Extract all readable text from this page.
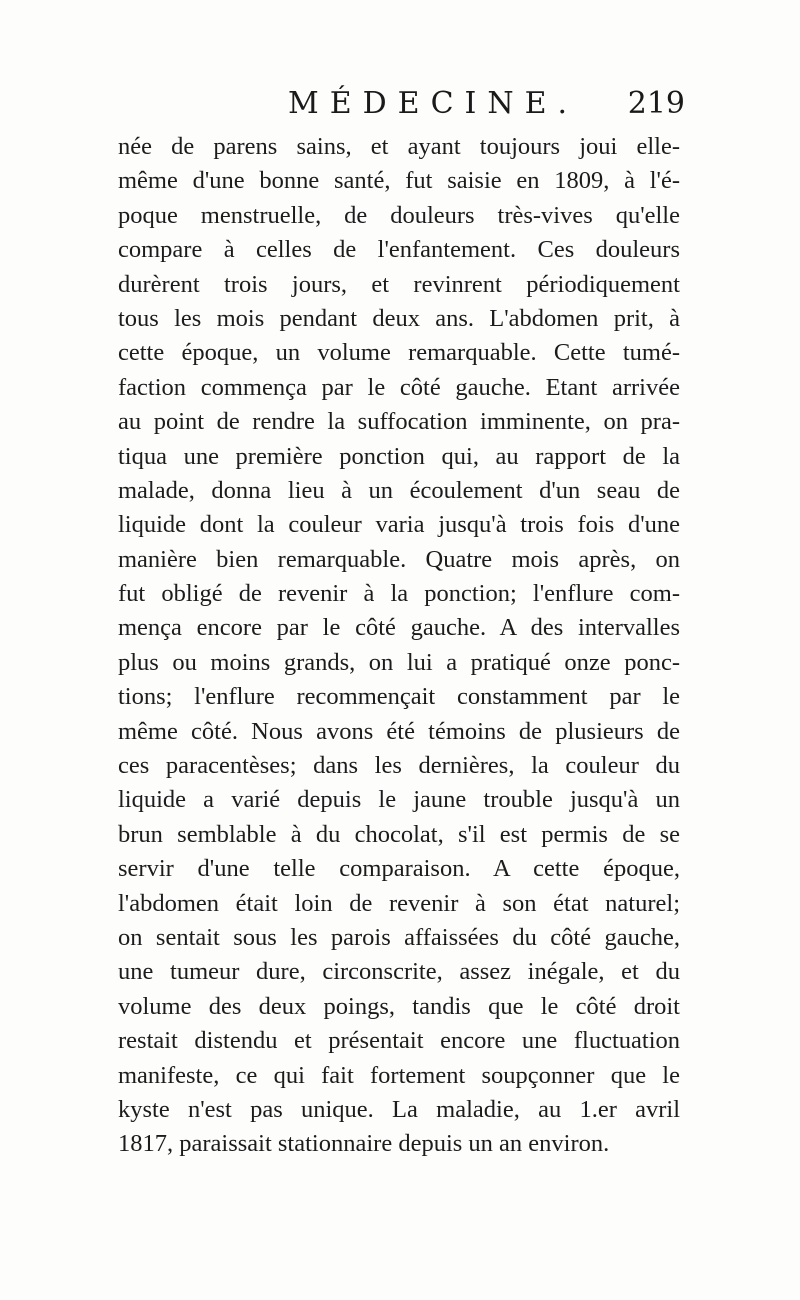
MÉDECINE. 219
née de parens sains, et ayant toujours joui elle-
même d'une bonne santé, fut saisie en 1809, à l'é-
poque menstruelle, de douleurs très-vives qu'elle
compare à celles de l'enfantement. Ces douleurs
durèrent trois jours, et revinrent périodiquement
tous les mois pendant deux ans. L'abdomen prit, à
cette époque, un volume remarquable. Cette tumé-
faction commença par le côté gauche. Etant arrivée
au point de rendre la suffocation imminente, on pra-
tiqua une première ponction qui, au rapport de la
malade, donna lieu à un écoulement d'un seau de
liquide dont la couleur varia jusqu'à trois fois d'une
manière bien remarquable. Quatre mois après, on
fut obligé de revenir à la ponction; l'enflure com-
mença encore par le côté gauche. A des intervalles
plus ou moins grands, on lui a pratiqué onze ponc-
tions; l'enflure recommençait constamment par le
même côté. Nous avons été témoins de plusieurs de
ces paracentèses; dans les dernières, la couleur du
liquide a varié depuis le jaune trouble jusqu'à un
brun semblable à du chocolat, s'il est permis de se
servir d'une telle comparaison. A cette époque,
l'abdomen était loin de revenir à son état naturel;
on sentait sous les parois affaissées du côté gauche,
une tumeur dure, circonscrite, assez inégale, et du
volume des deux poings, tandis que le côté droit
restait distendu et présentait encore une fluctuation
manifeste, ce qui fait fortement soupçonner que le
kyste n'est pas unique. La maladie, au 1.er avril
1817, paraissait stationnaire depuis un an environ.
